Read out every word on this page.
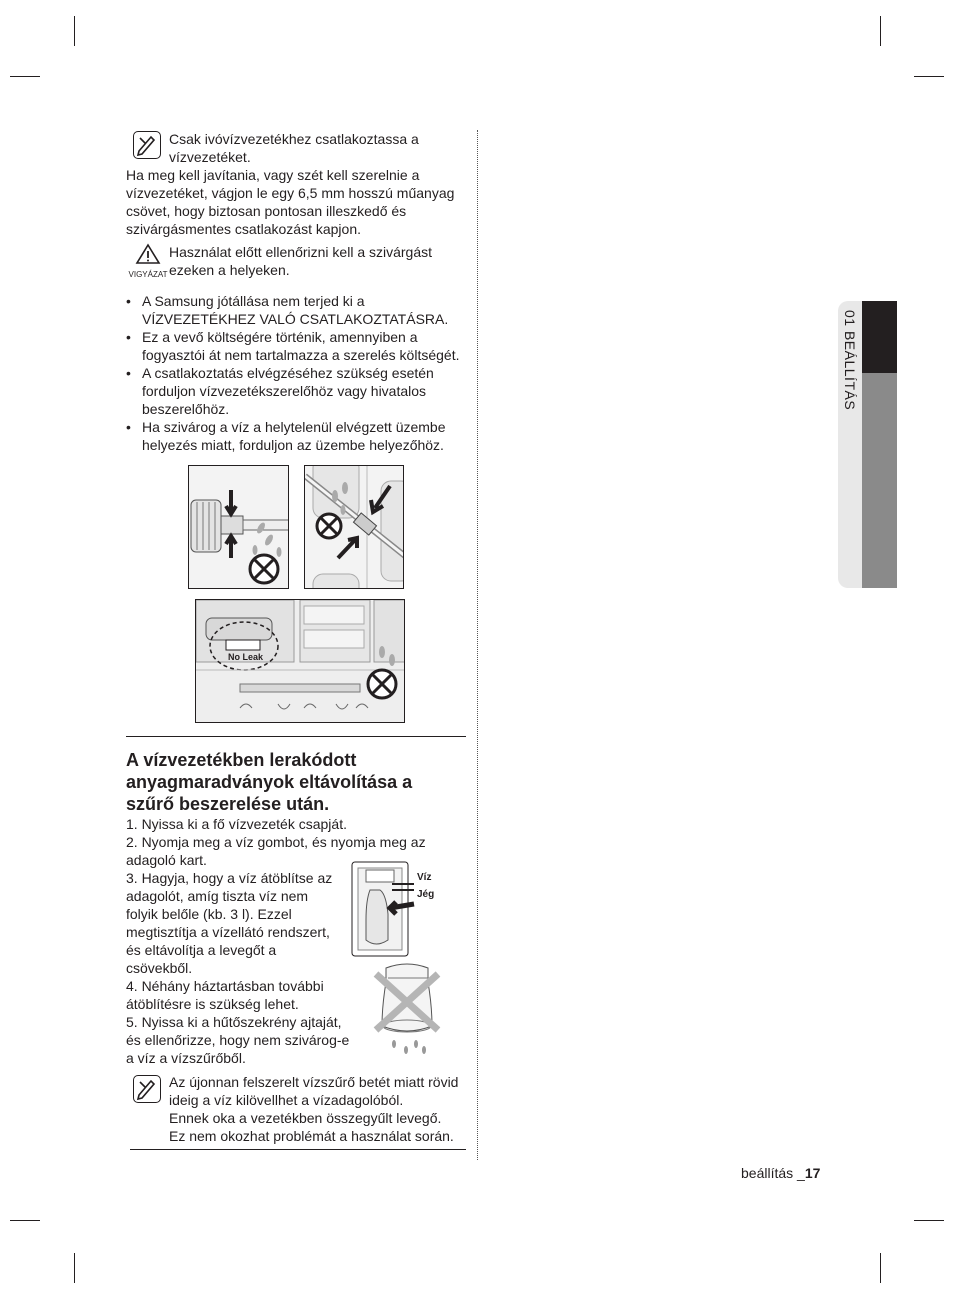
Csak ivóvízvezetékhez csatlakoztassa a vízvezetéket.
Ha meg kell javítania, vagy szét kell szerelnie a vízvezetéket, vágjon le egy 6,5 mm hosszú műanyag csövet, hogy biztosan pontosan illeszkedő és szivárgásmentes csatlakozást kapjon.
VIGYÁZAT
Használat előtt ellenőrizni kell a szivárgást ezeken a helyeken.
• A Samsung jótállása nem terjed ki a VÍZVEZETÉKHEZ VALÓ CSATLAKOZTATÁSRA.
• Ez a vevő költségére történik, amennyiben a fogyasztói át nem tartalmazza a szerelés költségét.
• A csatlakoztatás elvégzéséhez szükség esetén forduljon vízvezetékszerelőhöz vagy hivatalos beszerelőhöz.
• Ha szivárog a víz a helytelenül elvégzett üzembe helyezés miatt, forduljon az üzembe helyezőhöz.
No Leak
A vízvezetékben lerakódott anyagmaradványok eltávolítása a szűrő beszerelése után.
1. Nyissa ki a fő vízvezeték csapját.
2. Nyomja meg a víz gombot, és nyomja meg az adagoló kart.
3. Hagyja, hogy a víz átöblítse az adagolót, amíg tiszta víz nem folyik belőle (kb. 3 l). Ezzel megtisztítja a vízellátó rendszert, és eltávolítja a levegőt a csövekből.
4. Néhány háztartásban további átöblítésre is szükség lehet.
5. Nyissa ki a hűtőszekrény ajtaját, és ellenőrizze, hogy nem szivárog-e a víz a vízszűrőből.
Víz
Jég
Az újonnan felszerelt vízszűrő betét miatt rövid ideig a víz kilövellhet a vízadagolóból.
Ennek oka a vezetékben összegyűlt levegő.
Ez nem okozhat problémát a használat során.
01 BEÁLLÍTÁS
beállítás _17
